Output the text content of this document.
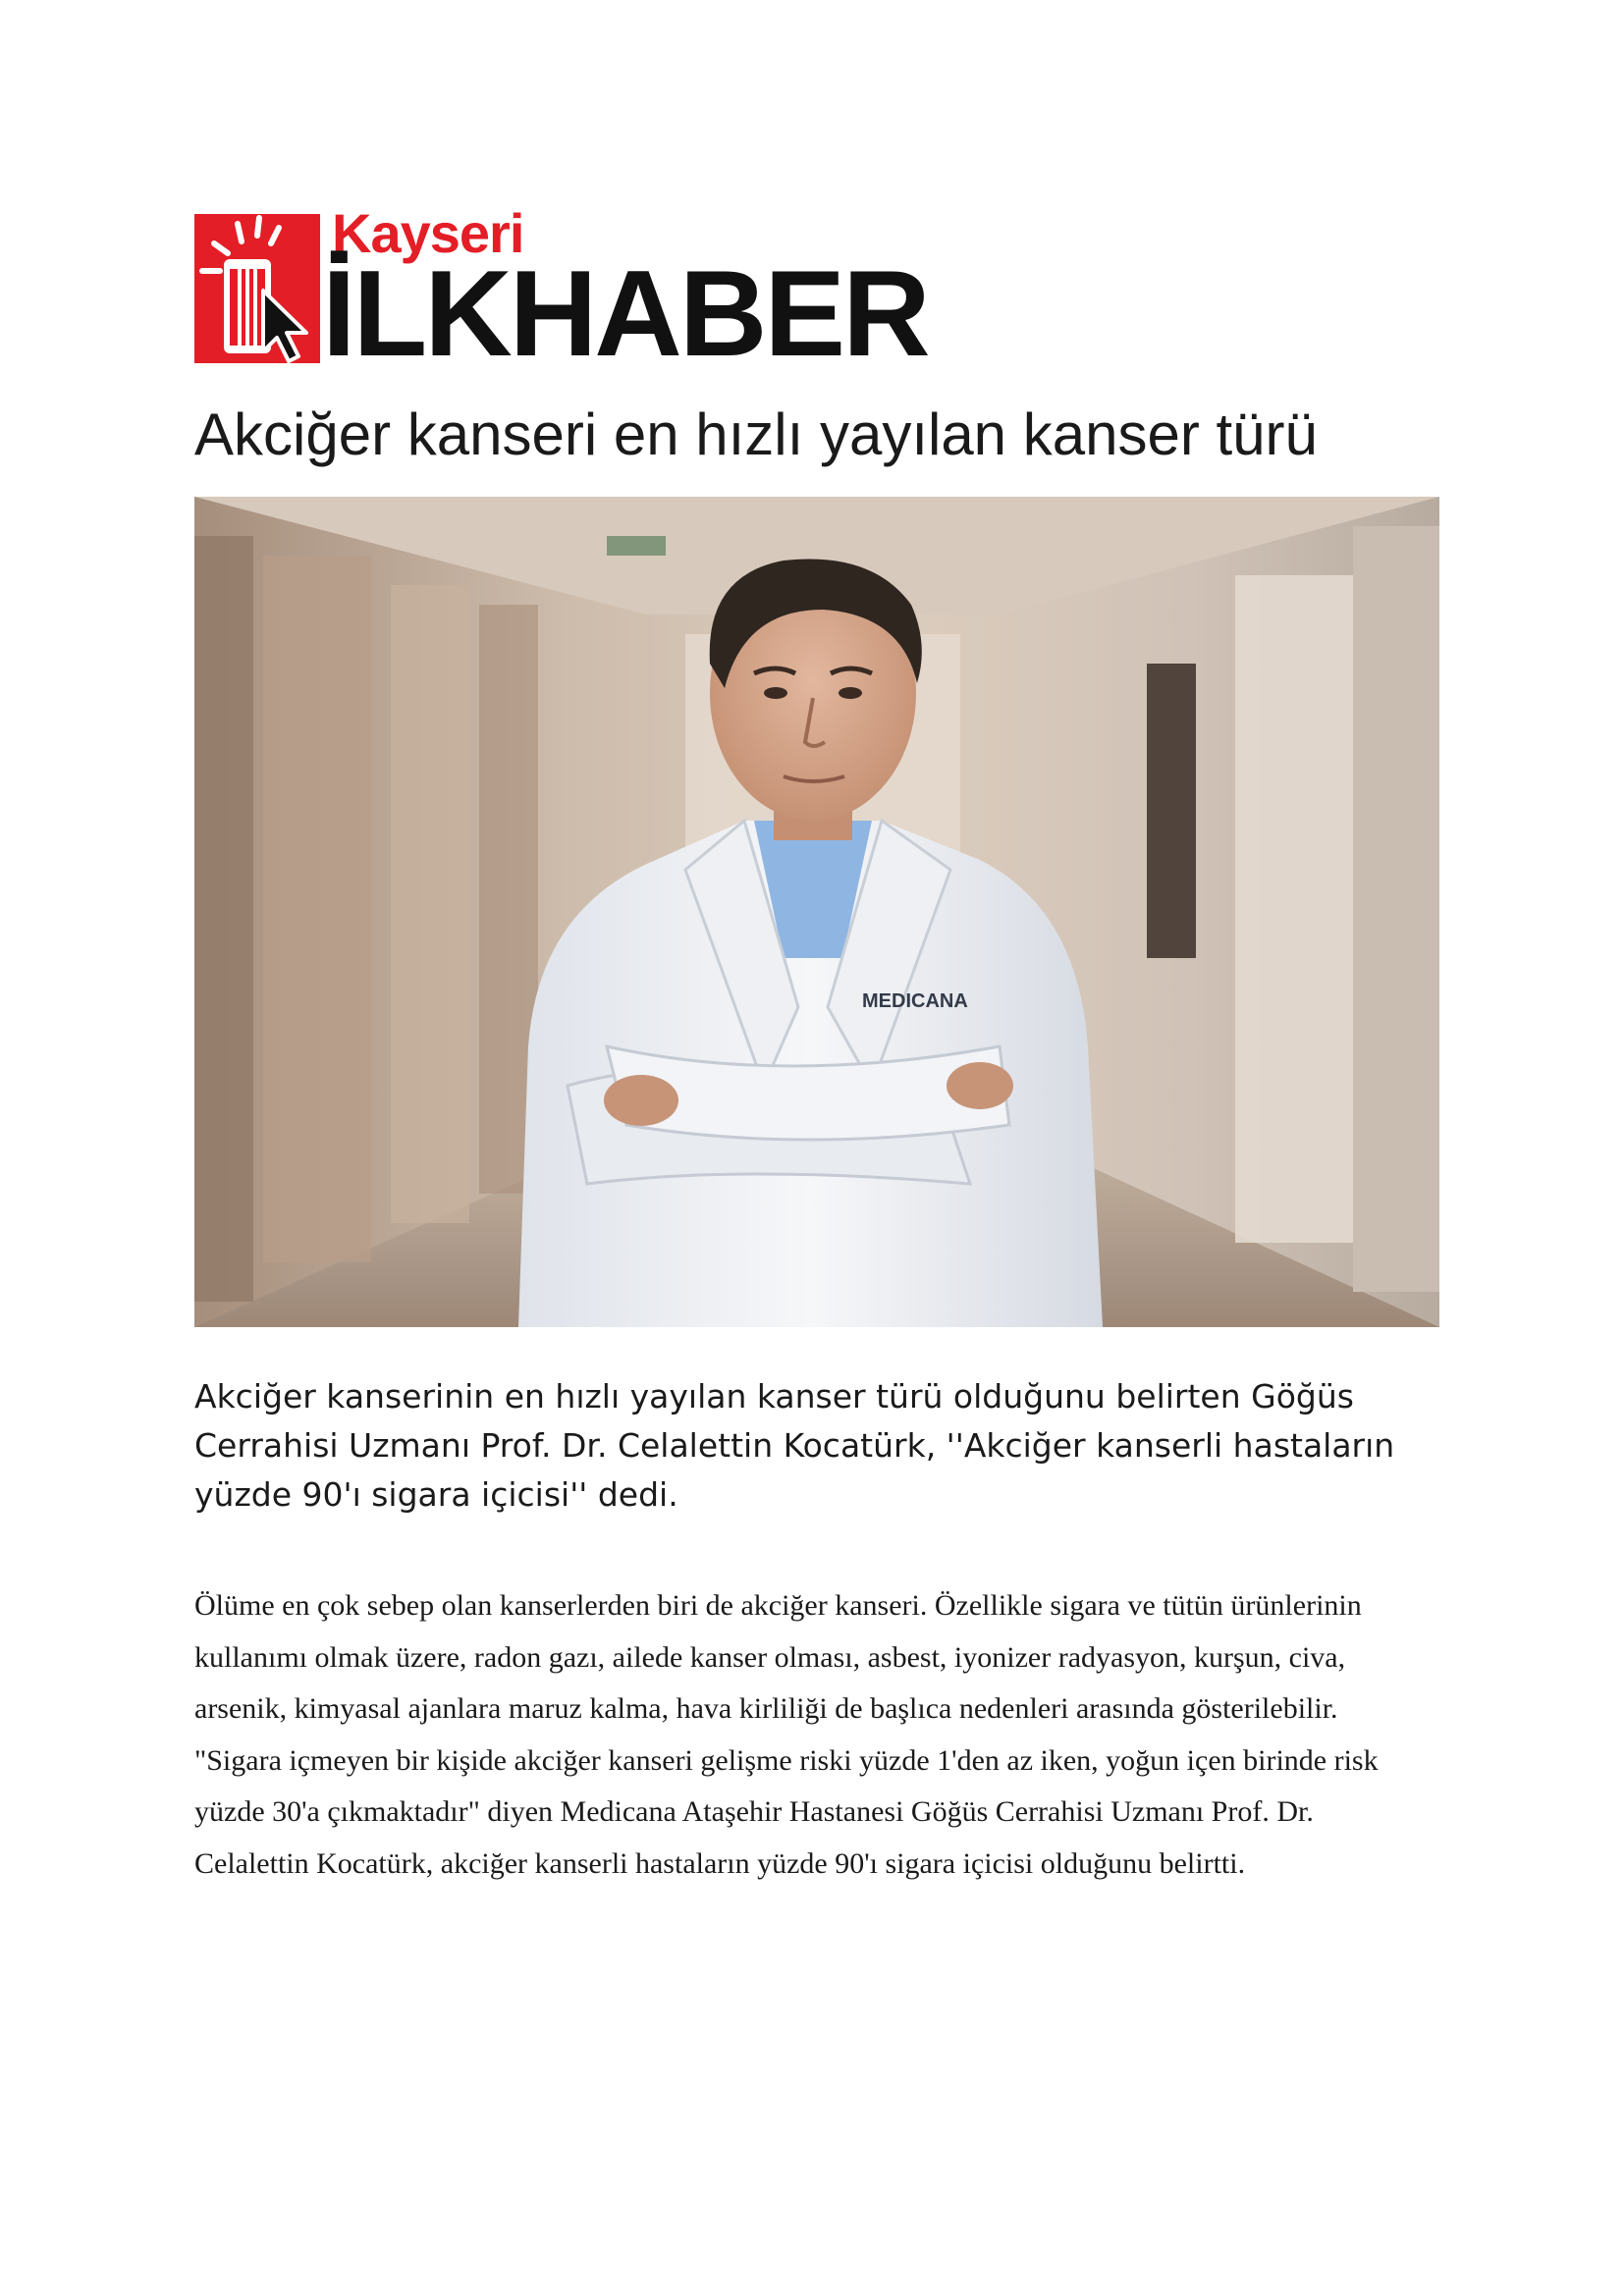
Kayseri
İLKHABER
Akciğer kanseri en hızlı yayılan kanser türü
MEDICANA

Akciğer kanserinin en hızlı yayılan kanser türü olduğunu belirten Göğüs Cerrahisi Uzmanı Prof. Dr. Celalettin Kocatürk, ''Akciğer kanserli hastaların yüzde 90'ı sigara içicisi'' dedi.

Ölüme en çok sebep olan kanserlerden biri de akciğer kanseri. Özellikle sigara ve tütün ürünlerinin kullanımı olmak üzere, radon gazı, ailede kanser olması, asbest, iyonizer radyasyon, kurşun, civa, arsenik, kimyasal ajanlara maruz kalma, hava kirliliği de başlıca nedenleri arasında gösterilebilir. "Sigara içmeyen bir kişide akciğer kanseri gelişme riski yüzde 1'den az iken, yoğun içen birinde risk yüzde 30'a çıkmaktadır" diyen Medicana Ataşehir Hastanesi Göğüs Cerrahisi Uzmanı Prof. Dr. Celalettin Kocatürk, akciğer kanserli hastaların yüzde 90'ı sigara içicisi olduğunu belirtti.
